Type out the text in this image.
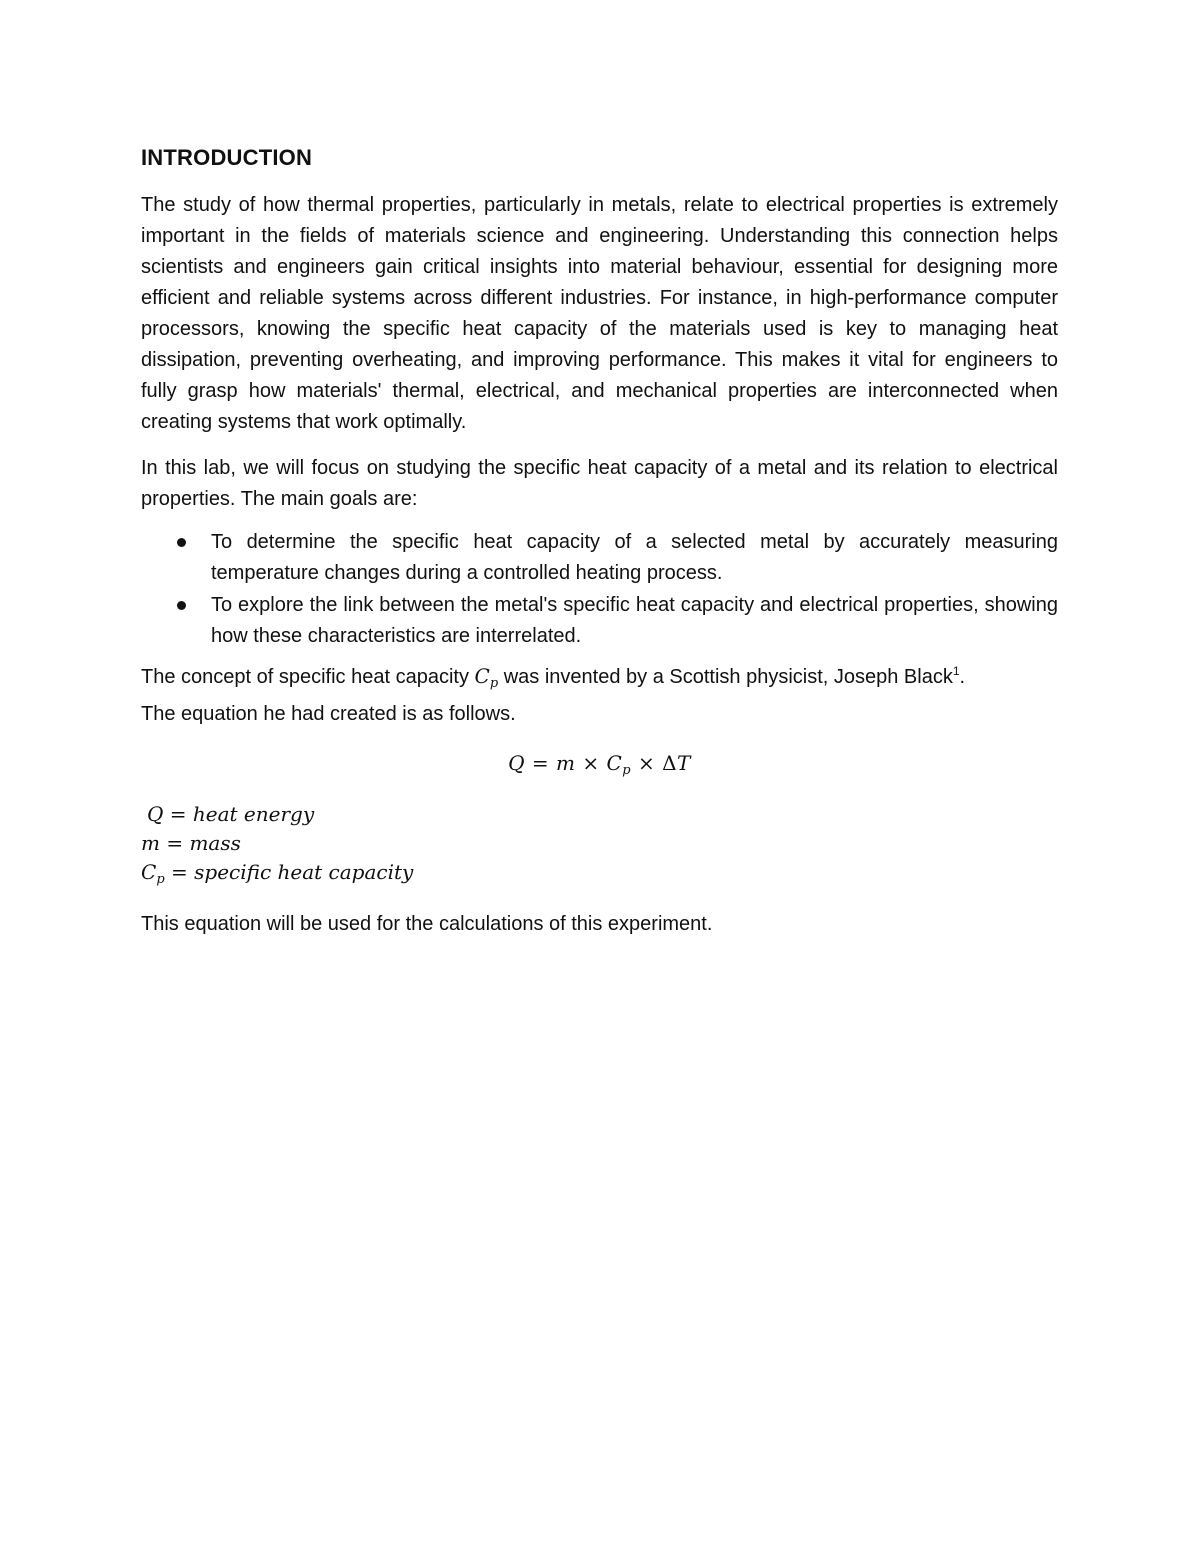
INTRODUCTION

The study of how thermal properties, particularly in metals, relate to electrical properties is extremely important in the fields of materials science and engineering. Understanding this connection helps scientists and engineers gain critical insights into material behaviour, essential for designing more efficient and reliable systems across different industries. For instance, in high-performance computer processors, knowing the specific heat capacity of the materials used is key to managing heat dissipation, preventing overheating, and improving performance. This makes it vital for engineers to fully grasp how materials' thermal, electrical, and mechanical properties are interconnected when creating systems that work optimally.

In this lab, we will focus on studying the specific heat capacity of a metal and its relation to electrical properties. The main goals are:

To determine the specific heat capacity of a selected metal by accurately measuring temperature changes during a controlled heating process.
To explore the link between the metal's specific heat capacity and electrical properties, showing how these characteristics are interrelated.

The concept of specific heat capacity $C_p$ was invented by a Scottish physicist, Joseph Black$^1$.

The equation he had created is as follows.

$Q = m \times C_p \times \Delta T$
Q = heat energy
m = mass
$C_p$ = specific heat capacity

This equation will be used for the calculations of this experiment.
